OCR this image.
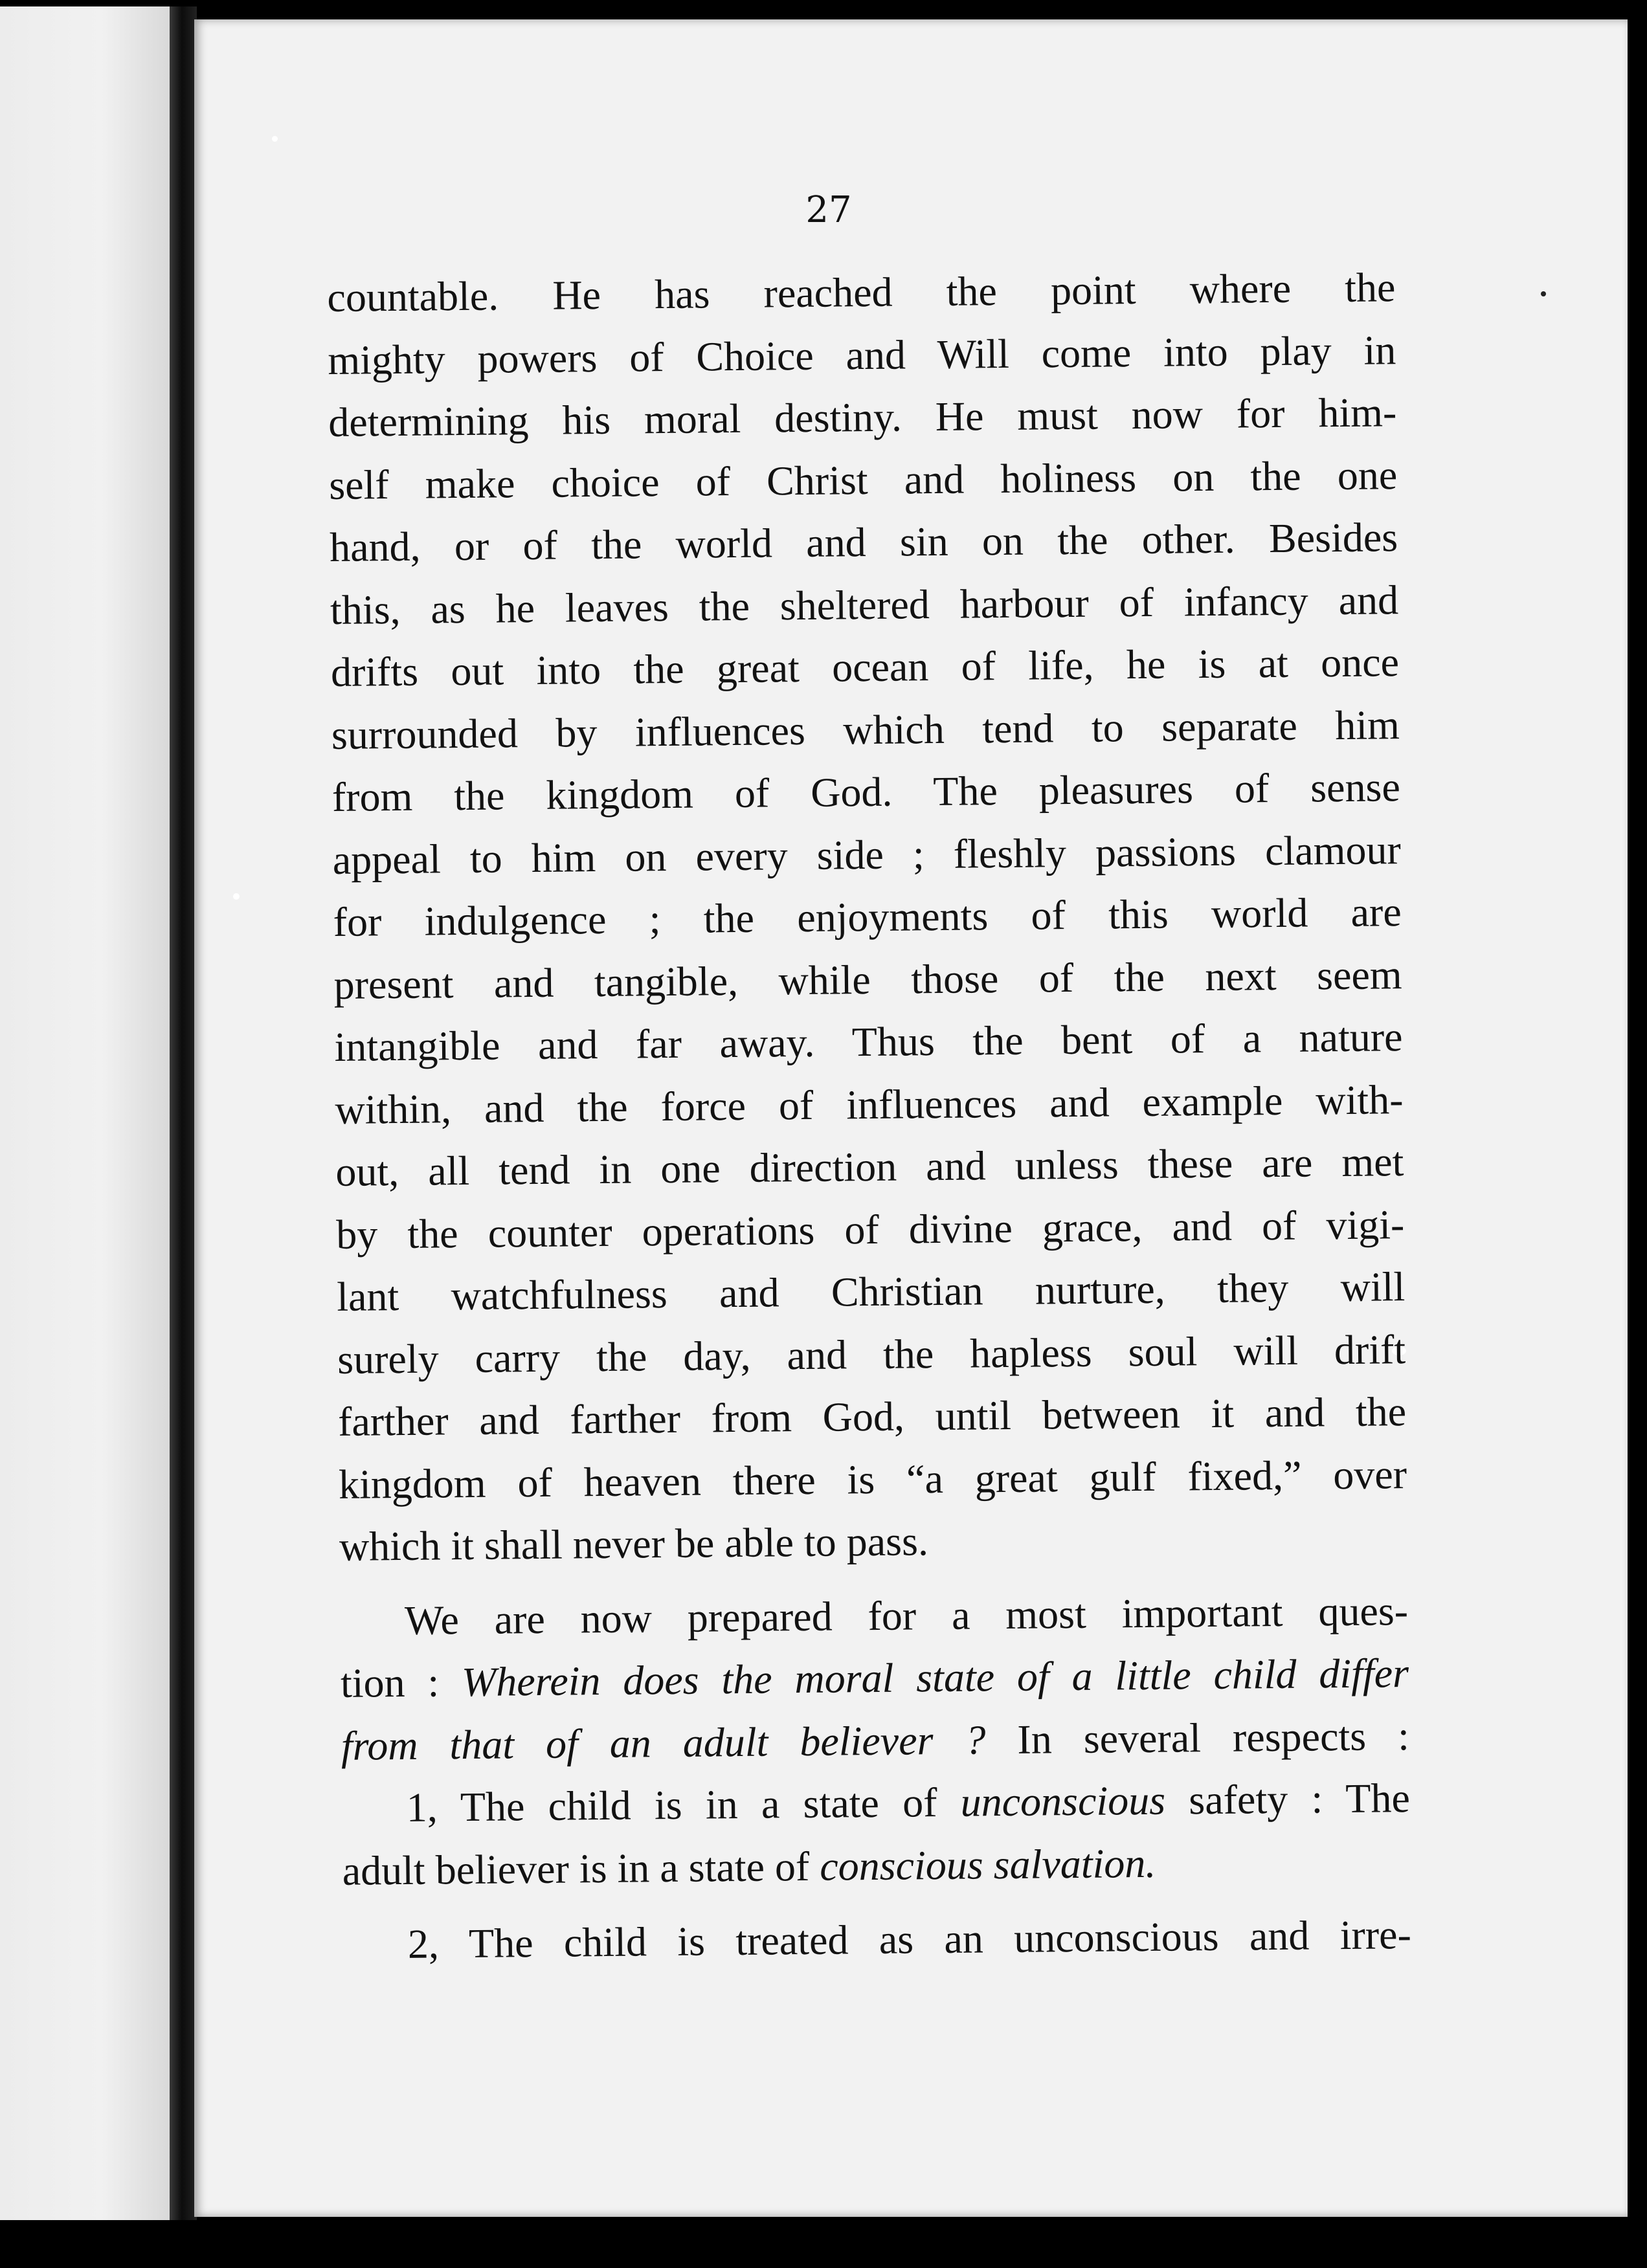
27
countable. He has reached the point where the
mighty powers of Choice and Will come into play in
determining his moral destiny. He must now for him-
self make choice of Christ and holiness on the one
hand, or of the world and sin on the other. Besides
this, as he leaves the sheltered harbour of infancy and
drifts out into the great ocean of life, he is at once
surrounded by influences which tend to separate him
from the kingdom of God. The pleasures of sense
appeal to him on every side ; fleshly passions clamour
for indulgence ; the enjoyments of this world are
present and tangible, while those of the next seem
intangible and far away. Thus the bent of a nature
within, and the force of influences and example with-
out, all tend in one direction and unless these are met
by the counter operations of divine grace, and of vigi-
lant watchfulness and Christian nurture, they will
surely carry the day, and the hapless soul will drift
farther and farther from God, until between it and the
kingdom of heaven there is “a great gulf fixed,” over
which it shall never be able to pass.
We are now prepared for a most important ques-
tion : Wherein does the moral state of a little child differ
from that of an adult believer ? In several respects :
1, The child is in a state of unconscious safety : The
adult believer is in a state of conscious salvation.
2, The child is treated as an unconscious and irre-
